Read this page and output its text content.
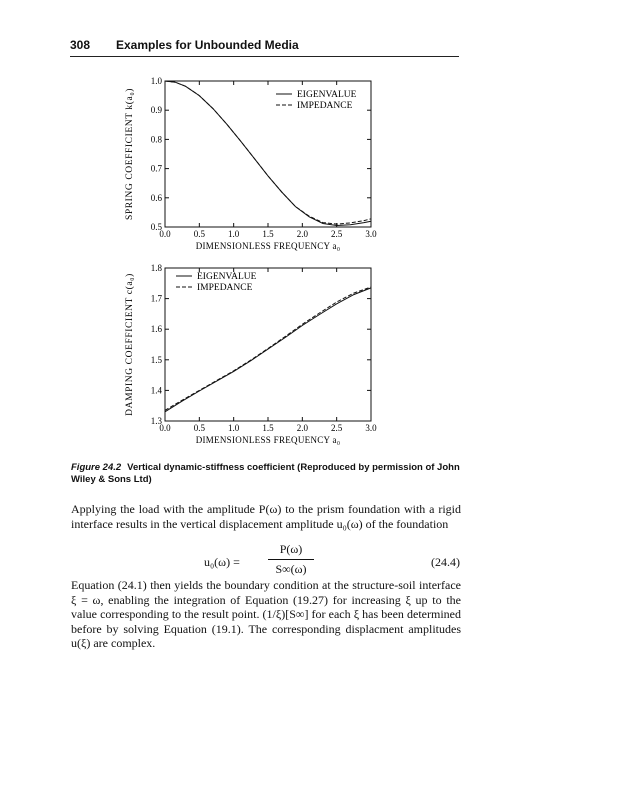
308 Examples for Unbounded Media
0.0	0.5	1.0	1.5	2.0	2.5	3.0
0.5
0.6
0.7
0.8
0.9
1.0
DIMENSIONLESS FREQUENCY a₀
SPRING COEFFICIENT k(a₀)	EIGENVALUE
IMPEDANCE
0.0	0.5	1.0	1.5	2.0	2.5	3.0
1.3
1.4
1.5
1.6
1.7
1.8
DIMENSIONLESS FREQUENCY a₀
DAMPING COEFFICIENT c(a₀)	EIGENVALUE
IMPEDANCE
Figure 24.2 Vertical dynamic-stiffness coefficient (Reproduced by permission of John Wiley & Sons Ltd)
Applying the load with the amplitude P(ω) to the prism foundation with a rigid interface results in the vertical displacement amplitude u₀(ω) of the foundation
$u_0(\omega) = \frac{P(\omega)}{S\infty(\omega)}$	(24.4)
Equation (24.1) then yields the boundary condition at the structure-soil interface ξ = ω, enabling the integration of Equation (19.27) for increasing ξ up to the value corresponding to the result point. (1/ξ)[S∞] for each ξ has been determined before by solving Equation (19.1). The corresponding displacment amplitudes u(ξ) are complex.
